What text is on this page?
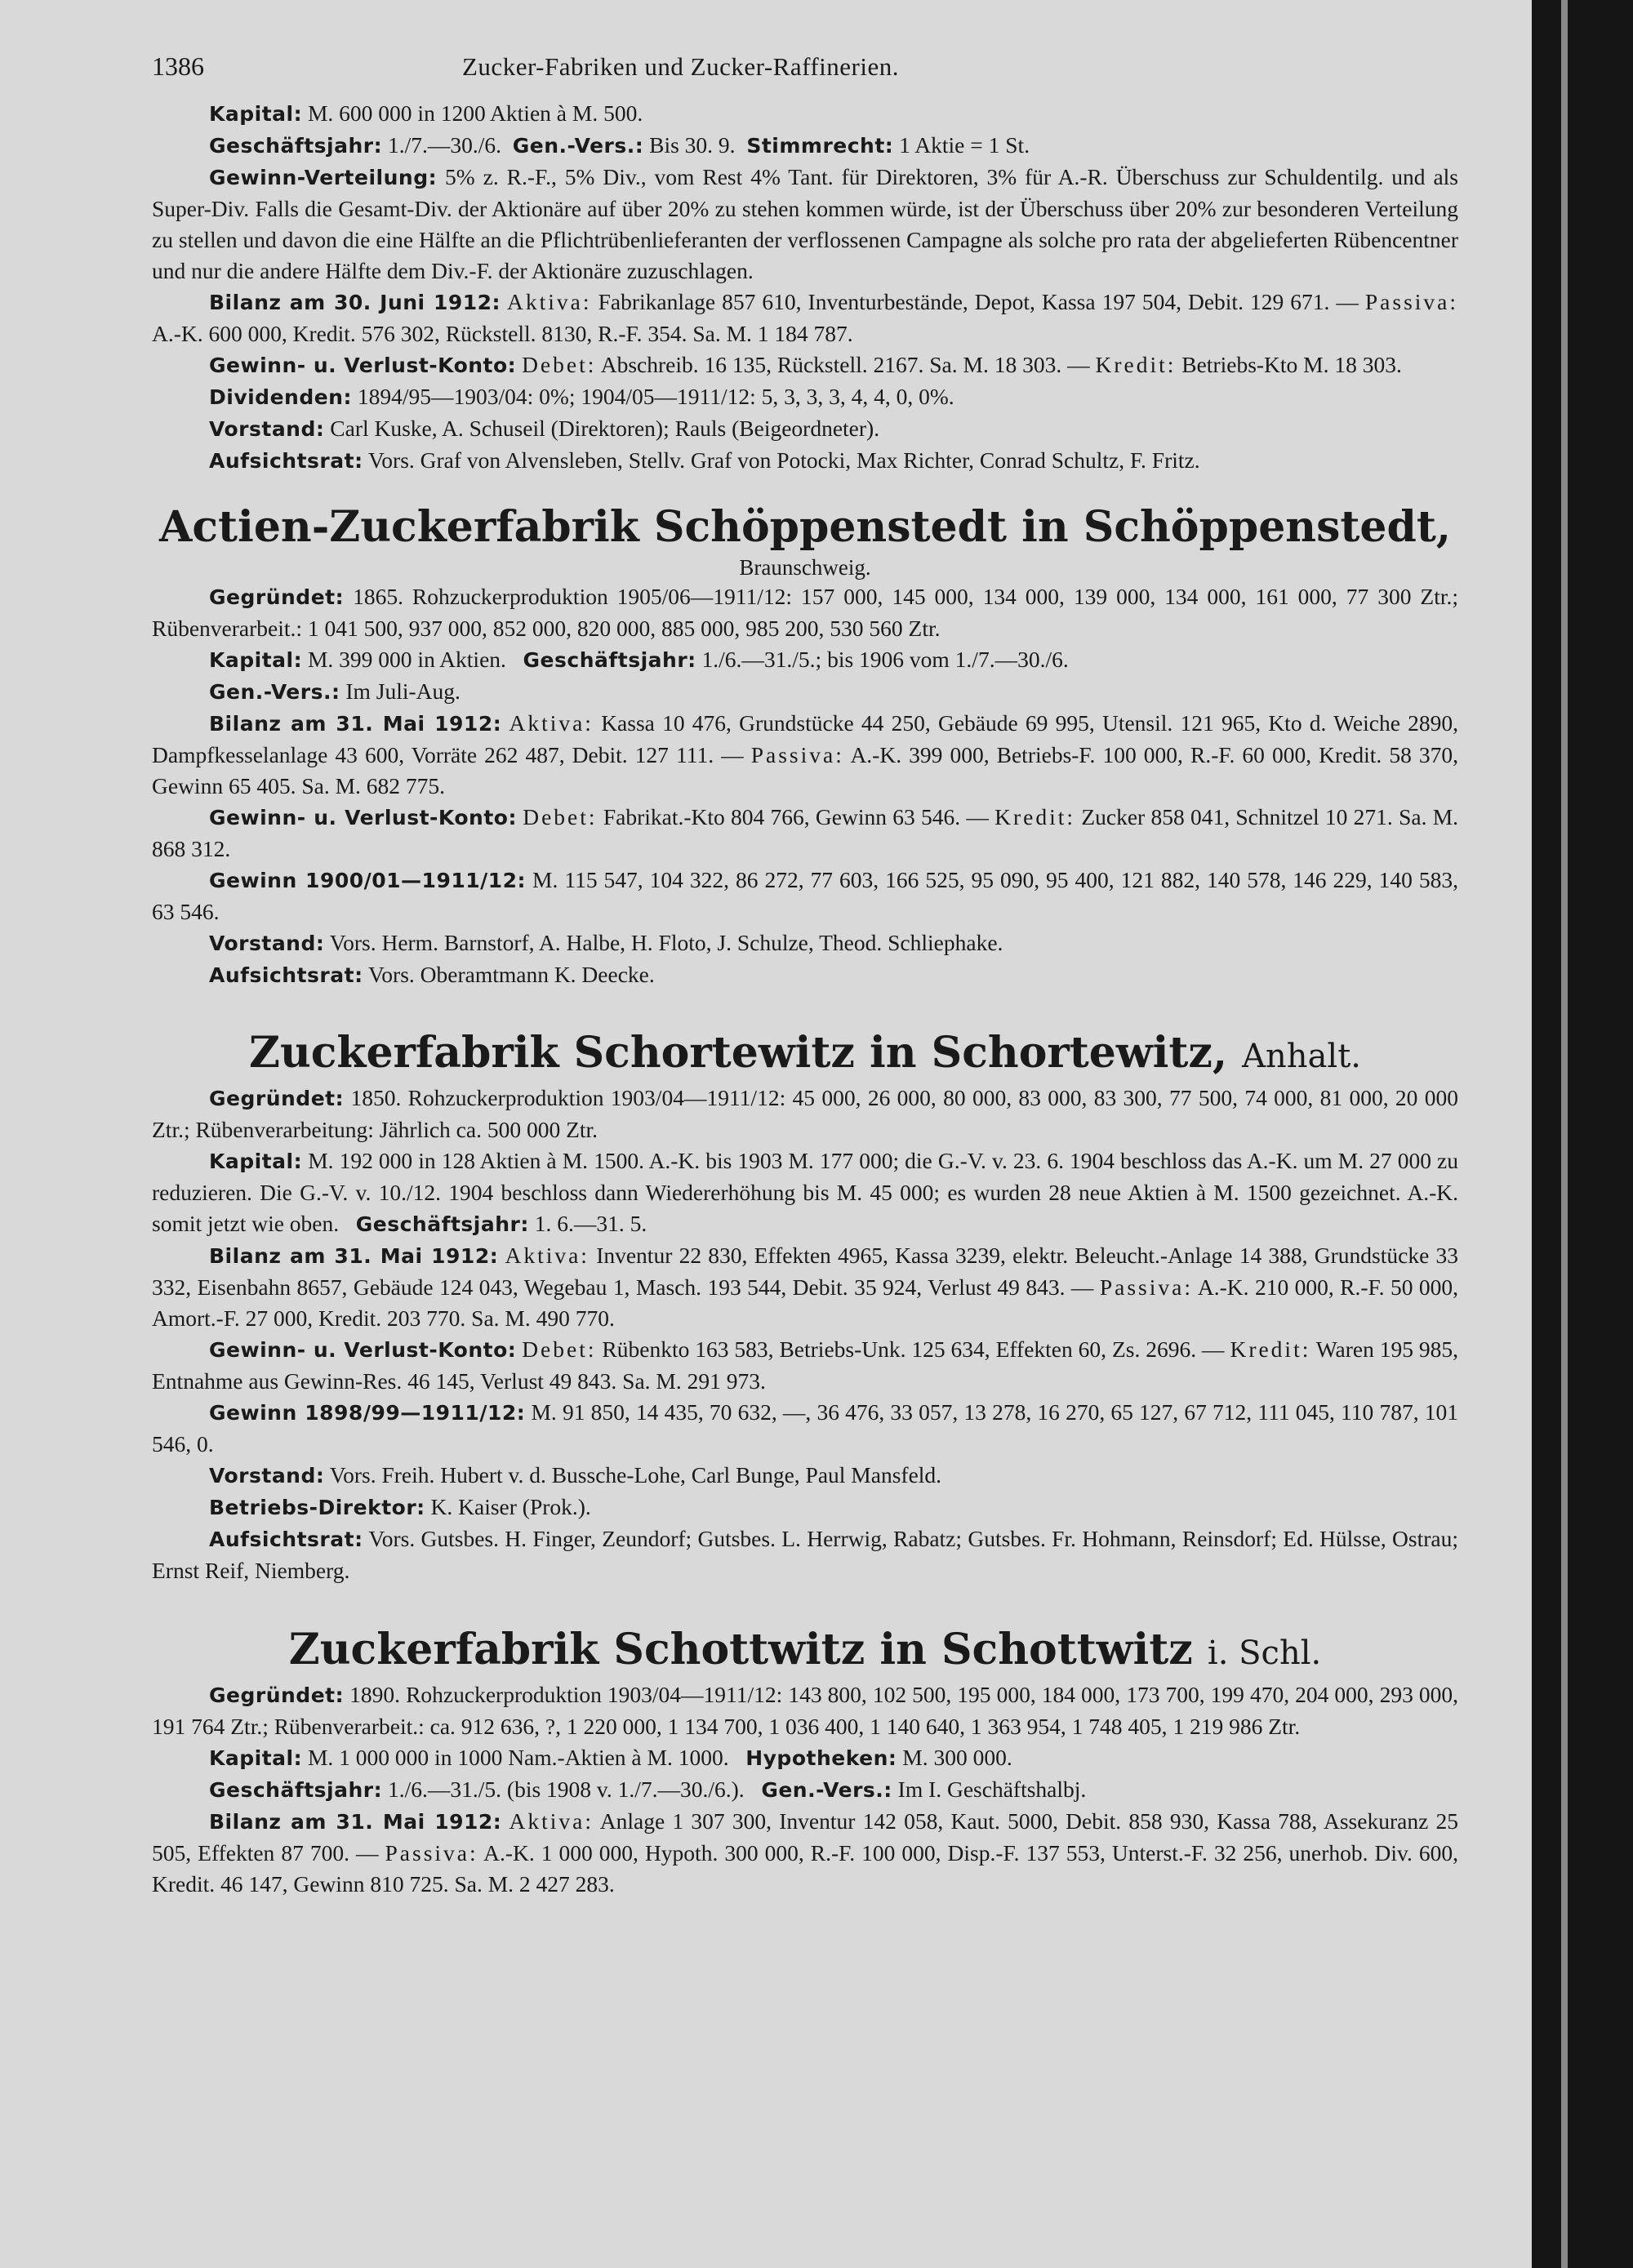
1386	Zucker-Fabriken und Zucker-Raffinerien.

Kapital: M. 600 000 in 1200 Aktien à M. 500.

Geschäftsjahr: 1./7.—30./6. Gen.-Vers.: Bis 30. 9. Stimmrecht: 1 Aktie = 1 St.

Gewinn-Verteilung: 5% z. R.-F., 5% Div., vom Rest 4% Tant. für Direktoren, 3% für A.-R. Überschuss zur Schuldentilg. und als Super-Div. Falls die Gesamt-Div. der Aktionäre auf über 20% zu stehen kommen würde, ist der Überschuss über 20% zur besonderen Verteilung zu stellen und davon die eine Hälfte an die Pflichtrübenlieferanten der verflossenen Campagne als solche pro rata der abgelieferten Rübencentner und nur die andere Hälfte dem Div.-F. der Aktionäre zuzuschlagen.

Bilanz am 30. Juni 1912: Aktiva: Fabrikanlage 857 610, Inventurbestände, Depot, Kassa 197 504, Debit. 129 671. — Passiva: A.-K. 600 000, Kredit. 576 302, Rückstell. 8130, R.-F. 354. Sa. M. 1 184 787.

Gewinn- u. Verlust-Konto: Debet: Abschreib. 16 135, Rückstell. 2167. Sa. M. 18 303. — Kredit: Betriebs-Kto M. 18 303.

Dividenden: 1894/95—1903/04: 0%; 1904/05—1911/12: 5, 3, 3, 3, 4, 4, 0, 0%.

Vorstand: Carl Kuske, A. Schuseil (Direktoren); Rauls (Beigeordneter).

Aufsichtsrat: Vors. Graf von Alvensleben, Stellv. Graf von Potocki, Max Richter, Conrad Schultz, F. Fritz.

Actien-Zuckerfabrik Schöppenstedt in Schöppenstedt,
Braunschweig.

Gegründet: 1865. Rohzuckerproduktion 1905/06—1911/12: 157 000, 145 000, 134 000, 139 000, 134 000, 161 000, 77 300 Ztr.; Rübenverarbeit.: 1 041 500, 937 000, 852 000, 820 000, 885 000, 985 200, 530 560 Ztr.

Kapital: M. 399 000 in Aktien. Geschäftsjahr: 1./6.—31./5.; bis 1906 vom 1./7.—30./6.

Gen.-Vers.: Im Juli-Aug.

Bilanz am 31. Mai 1912: Aktiva: Kassa 10 476, Grundstücke 44 250, Gebäude 69 995, Utensil. 121 965, Kto d. Weiche 2890, Dampfkesselanlage 43 600, Vorräte 262 487, Debit. 127 111. — Passiva: A.-K. 399 000, Betriebs-F. 100 000, R.-F. 60 000, Kredit. 58 370, Gewinn 65 405. Sa. M. 682 775.

Gewinn- u. Verlust-Konto: Debet: Fabrikat.-Kto 804 766, Gewinn 63 546. — Kredit: Zucker 858 041, Schnitzel 10 271. Sa. M. 868 312.

Gewinn 1900/01—1911/12: M. 115 547, 104 322, 86 272, 77 603, 166 525, 95 090, 95 400, 121 882, 140 578, 146 229, 140 583, 63 546.

Vorstand: Vors. Herm. Barnstorf, A. Halbe, H. Floto, J. Schulze, Theod. Schliephake.

Aufsichtsrat: Vors. Oberamtmann K. Deecke.

Zuckerfabrik Schortewitz in Schortewitz, Anhalt.

Gegründet: 1850. Rohzuckerproduktion 1903/04—1911/12: 45 000, 26 000, 80 000, 83 000, 83 300, 77 500, 74 000, 81 000, 20 000 Ztr.; Rübenverarbeitung: Jährlich ca. 500 000 Ztr.

Kapital: M. 192 000 in 128 Aktien à M. 1500. A.-K. bis 1903 M. 177 000; die G.-V. v. 23. 6. 1904 beschloss das A.-K. um M. 27 000 zu reduzieren. Die G.-V. v. 10./12. 1904 beschloss dann Wiedererhöhung bis M. 45 000; es wurden 28 neue Aktien à M. 1500 gezeichnet. A.-K. somit jetzt wie oben. Geschäftsjahr: 1. 6.—31. 5.

Bilanz am 31. Mai 1912: Aktiva: Inventur 22 830, Effekten 4965, Kassa 3239, elektr. Beleucht.-Anlage 14 388, Grundstücke 33 332, Eisenbahn 8657, Gebäude 124 043, Wegebau 1, Masch. 193 544, Debit. 35 924, Verlust 49 843. — Passiva: A.-K. 210 000, R.-F. 50 000, Amort.-F. 27 000, Kredit. 203 770. Sa. M. 490 770.

Gewinn- u. Verlust-Konto: Debet: Rübenkto 163 583, Betriebs-Unk. 125 634, Effekten 60, Zs. 2696. — Kredit: Waren 195 985, Entnahme aus Gewinn-Res. 46 145, Verlust 49 843. Sa. M. 291 973.

Gewinn 1898/99—1911/12: M. 91 850, 14 435, 70 632, —, 36 476, 33 057, 13 278, 16 270, 65 127, 67 712, 111 045, 110 787, 101 546, 0.

Vorstand: Vors. Freih. Hubert v. d. Bussche-Lohe, Carl Bunge, Paul Mansfeld.

Betriebs-Direktor: K. Kaiser (Prok.).

Aufsichtsrat: Vors. Gutsbes. H. Finger, Zeundorf; Gutsbes. L. Herrwig, Rabatz; Gutsbes. Fr. Hohmann, Reinsdorf; Ed. Hülsse, Ostrau; Ernst Reif, Niemberg.

Zuckerfabrik Schottwitz in Schottwitz i. Schl.

Gegründet: 1890. Rohzuckerproduktion 1903/04—1911/12: 143 800, 102 500, 195 000, 184 000, 173 700, 199 470, 204 000, 293 000, 191 764 Ztr.; Rübenverarbeit.: ca. 912 636, ?, 1 220 000, 1 134 700, 1 036 400, 1 140 640, 1 363 954, 1 748 405, 1 219 986 Ztr.

Kapital: M. 1 000 000 in 1000 Nam.-Aktien à M. 1000. Hypotheken: M. 300 000.

Geschäftsjahr: 1./6.—31./5. (bis 1908 v. 1./7.—30./6.). Gen.-Vers.: Im I. Geschäftshalbj.

Bilanz am 31. Mai 1912: Aktiva: Anlage 1 307 300, Inventur 142 058, Kaut. 5000, Debit. 858 930, Kassa 788, Assekuranz 25 505, Effekten 87 700. — Passiva: A.-K. 1 000 000, Hypoth. 300 000, R.-F. 100 000, Disp.-F. 137 553, Unterst.-F. 32 256, unerhob. Div. 600, Kredit. 46 147, Gewinn 810 725. Sa. M. 2 427 283.
